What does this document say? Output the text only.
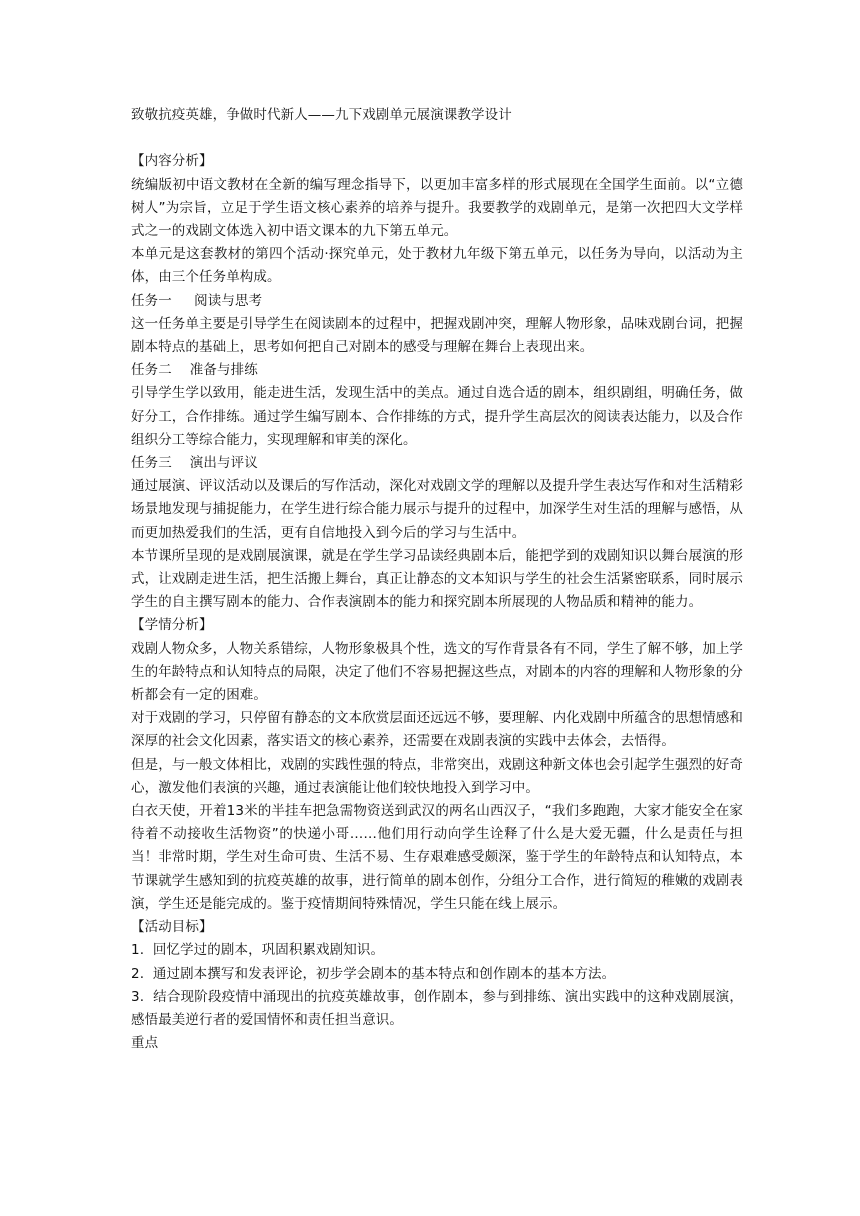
致敬抗疫英雄，争做时代新人——九下戏剧单元展演课教学设计

【内容分析】

统编版初中语文教材在全新的编写理念指导下，以更加丰富多样的形式展现在全国学生面前。以“立德树人”为宗旨，立足于学生语文核心素养的培养与提升。我要教学的戏剧单元，是第一次把四大文学样式之一的戏剧文体选入初中语文课本的九下第五单元。

本单元是这套教材的第四个活动·探究单元，处于教材九年级下第五单元，以任务为导向，以活动为主体，由三个任务单构成。

任务一　  阅读与思考

这一任务单主要是引导学生在阅读剧本的过程中，把握戏剧冲突，理解人物形象，品味戏剧台词，把握剧本特点的基础上，思考如何把自己对剧本的感受与理解在舞台上表现出来。

任务二　 准备与排练

引导学生学以致用，能走进生活，发现生活中的美点。通过自选合适的剧本，组织剧组，明确任务，做好分工，合作排练。通过学生编写剧本、合作排练的方式，提升学生高层次的阅读表达能力，以及合作组织分工等综合能力，实现理解和审美的深化。

任务三　 演出与评议

通过展演、评议活动以及课后的写作活动，深化对戏剧文学的理解以及提升学生表达写作和对生活精彩场景地发现与捕捉能力，在学生进行综合能力展示与提升的过程中，加深学生对生活的理解与感悟，从而更加热爱我们的生活，更有自信地投入到今后的学习与生活中。

本节课所呈现的是戏剧展演课，就是在学生学习品读经典剧本后，能把学到的戏剧知识以舞台展演的形式，让戏剧走进生活，把生活搬上舞台，真正让静态的文本知识与学生的社会生活紧密联系，同时展示学生的自主撰写剧本的能力、合作表演剧本的能力和探究剧本所展现的人物品质和精神的能力。

【学情分析】

戏剧人物众多，人物关系错综，人物形象极具个性，选文的写作背景各有不同，学生了解不够，加上学生的年龄特点和认知特点的局限，决定了他们不容易把握这些点，对剧本的内容的理解和人物形象的分析都会有一定的困难。

对于戏剧的学习，只停留有静态的文本欣赏层面还远远不够，要理解、内化戏剧中所蕴含的思想情感和深厚的社会文化因素，落实语文的核心素养，还需要在戏剧表演的实践中去体会，去悟得。

但是，与一般文体相比，戏剧的实践性强的特点，非常突出，戏剧这种新文体也会引起学生强烈的好奇心，激发他们表演的兴趣，通过表演能让他们较快地投入到学习中。

白衣天使，开着13米的半挂车把急需物资送到武汉的两名山西汉子，“我们多跑跑，大家才能安全在家待着不动接收生活物资”的快递小哥……他们用行动向学生诠释了什么是大爱无疆，什么是责任与担当！非常时期，学生对生命可贵、生活不易、生存艰难感受颇深，鉴于学生的年龄特点和认知特点，本节课就学生感知到的抗疫英雄的故事，进行简单的剧本创作，分组分工合作，进行简短的稚嫩的戏剧表演，学生还是能完成的。鉴于疫情期间特殊情况，学生只能在线上展示。

【活动目标】

1.  回忆学过的剧本，巩固积累戏剧知识。

2.  通过剧本撰写和发表评论，初步学会剧本的基本特点和创作剧本的基本方法。

3.  结合现阶段疫情中涌现出的抗疫英雄故事，创作剧本，参与到排练、演出实践中的这种戏剧展演，感悟最美逆行者的爱国情怀和责任担当意识。

重点
